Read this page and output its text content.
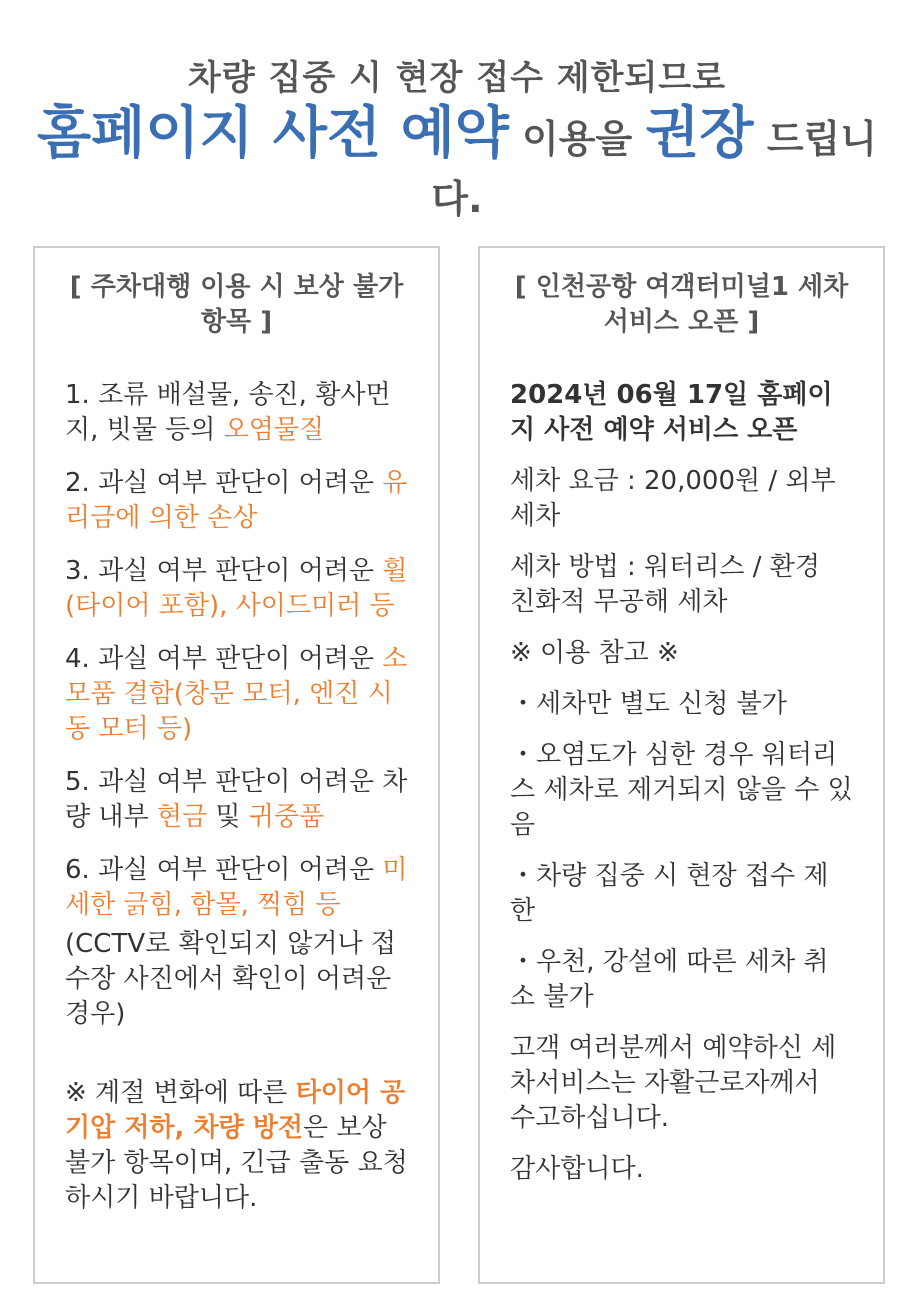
차량 집중 시 현장 접수 제한되므로
홈페이지 사전 예약 이용을 권장 드립니다.
[ 주차대행 이용 시 보상 불가 항목 ]
1. 조류 배설물, 송진, 황사먼지, 빗물 등의 오염물질
2. 과실 여부 판단이 어려운 유리금에 의한 손상
3. 과실 여부 판단이 어려운 휠(타이어 포함), 사이드미러 등
4. 과실 여부 판단이 어려운 소모품 결함(창문 모터, 엔진 시동 모터 등)
5. 과실 여부 판단이 어려운 차량 내부 현금 및 귀중품
6. 과실 여부 판단이 어려운 미세한 긁힘, 함몰, 찍힘 등
(CCTV로 확인되지 않거나 접수장 사진에서 확인이 어려운 경우)
※ 계절 변화에 따른 타이어 공기압 저하, 차량 방전은 보상 불가 항목이며, 긴급 출동 요청하시기 바랍니다.
[ 인천공항 여객터미널1 세차 서비스 오픈 ]
2024년 06월 17일 홈페이지 사전 예약 서비스 오픈
세차 요금 : 20,000원 / 외부 세차
세차 방법 : 워터리스 / 환경 친화적 무공해 세차
※ 이용 참고 ※
・세차만 별도 신청 불가
・오염도가 심한 경우 워터리스 세차로 제거되지 않을 수 있음
・차량 집중 시 현장 접수 제한
・우천, 강설에 따른 세차 취소 불가
고객 여러분께서 예약하신 세차서비스는 자활근로자께서 수고하십니다.
감사합니다.
